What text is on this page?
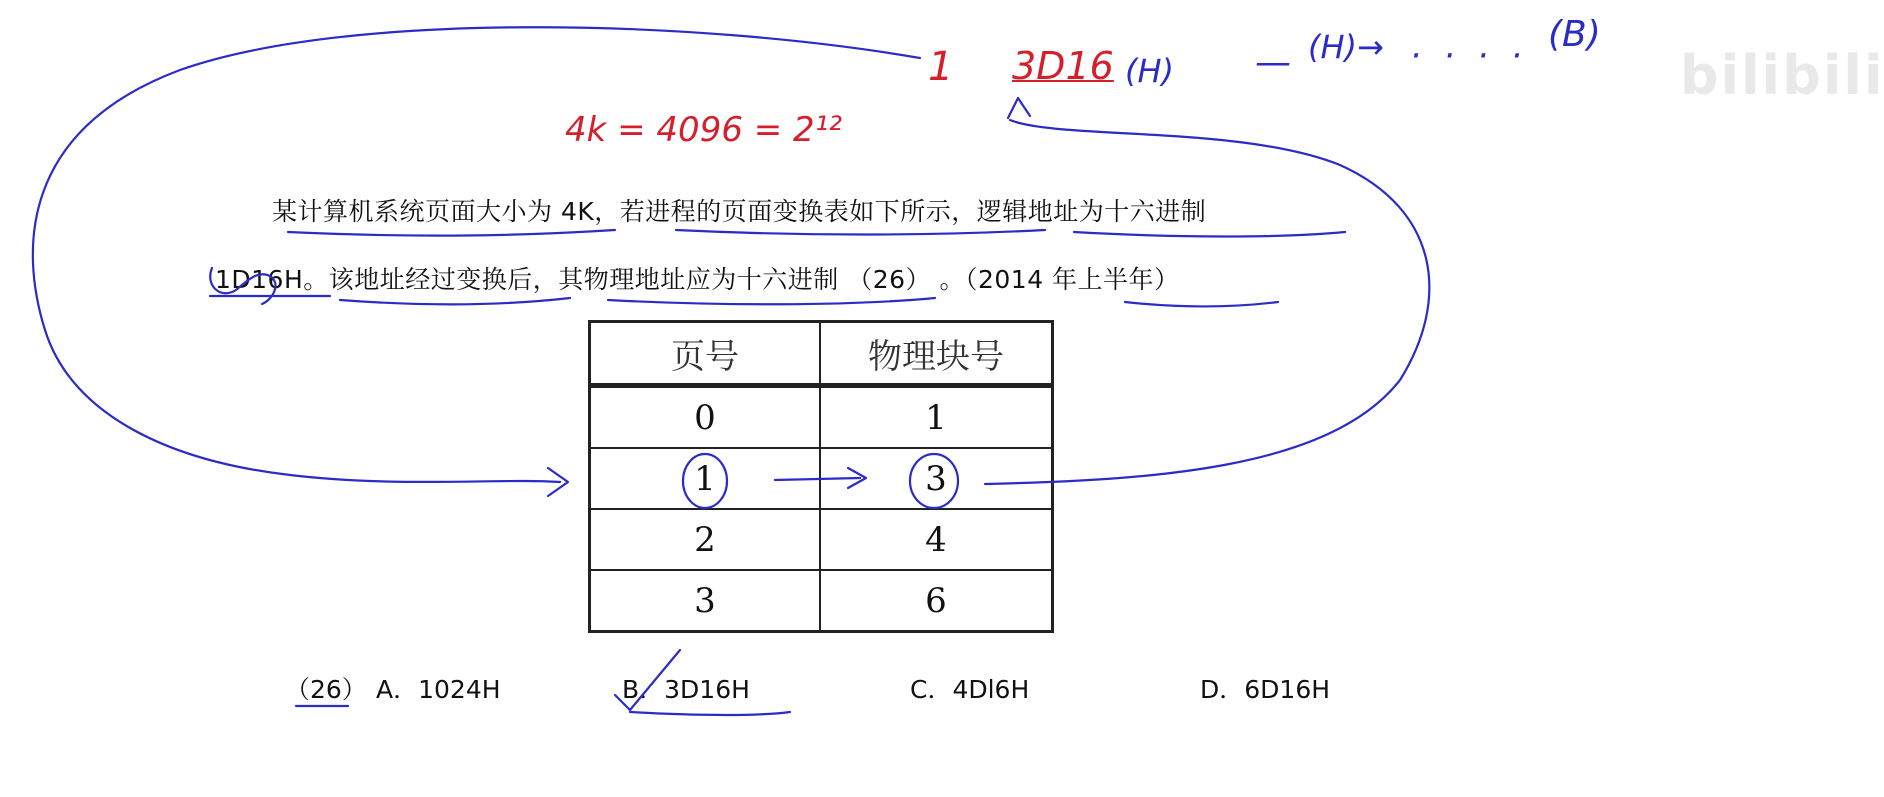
某计算机系统页面大小为 4K，若进程的页面变换表如下所示，逻辑地址为十六进制
1D16H。该地址经过变换后，其物理地址应为十六进制 （26） 。（2014 年上半年）
页号	物理块号
0	1
1	3
2	4
3	6
（26） A．1024H	B．3D16H	C．4Dl6H	D．6D16H
1 3D16 (H) — (H)→ · · · ·
(B)
4k = 4096 = 2¹²
bilibili
